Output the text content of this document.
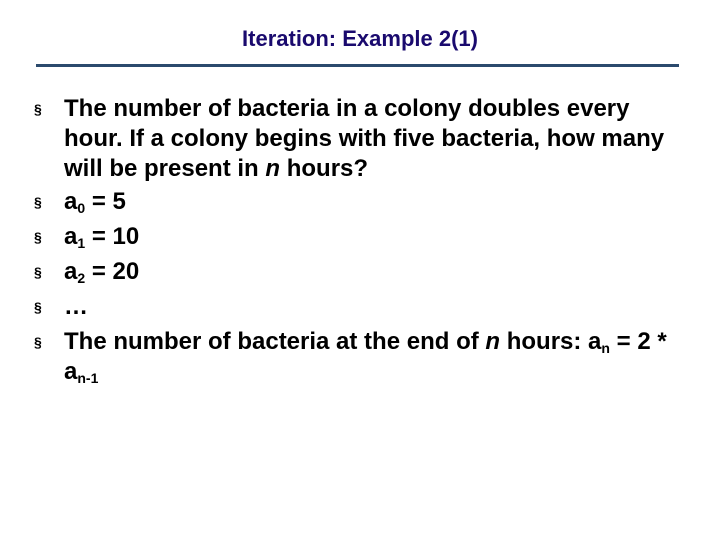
Iteration: Example 2(1)
§ The number of bacteria in a colony doubles every hour. If a colony begins with five bacteria, how many will be present in n hours?
§ $a_0 = 5$
§ $a_1 = 10$
§ $a_2 = 20$
§ …
§ The number of bacteria at the end of n hours: $a_n = 2 * a_{n-1}$
